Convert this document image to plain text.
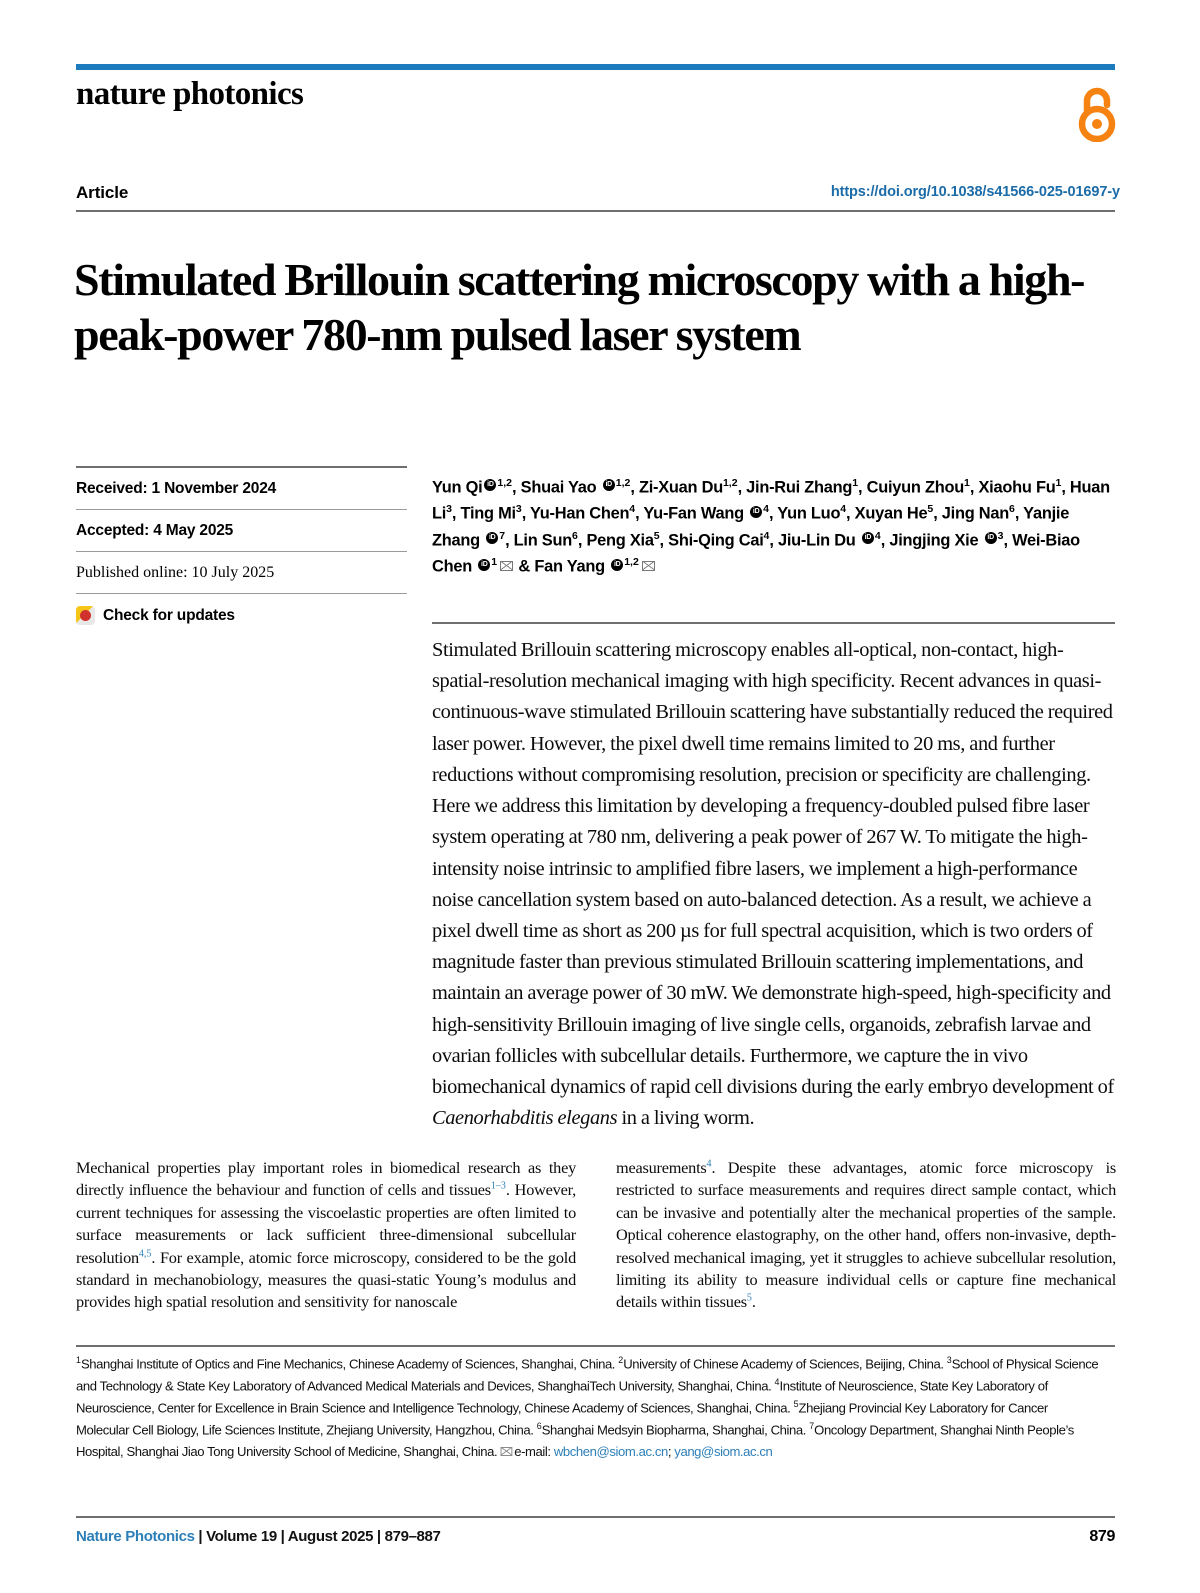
nature photonics
Article	https://doi.org/10.1038/s41566-025-01697-y
Stimulated Brillouin scattering microscopy with a high-peak-power 780-nm pulsed laser system
Received: 1 November 2024
Accepted: 4 May 2025
Published online: 10 July 2025
Check for updates
Yun Qi iD $^{1,2}$, Shuai Yao iD$^{1,2}$, Zi-Xuan Du$^{1,2}$, Jin-Rui Zhang$^1$, Cuiyun Zhou$^1$, Xiaohu Fu$^1$, Huan Li$^3$, Ting Mi$^3$, Yu-Han Chen$^4$, Yu-Fan Wang $iD^4$, Yun Luo$^4$, Xuyan He$^5$, Jing Nan$^6$, Yanjie Zhang $iD^7$, Lin Sun$^6$, Peng Xia$^5$, Shi-Qing Cai$^4$, Jiu-Lin Du $iD^4$, Jingjing Xie $iD^3$, Wei-Biao Chen $iD^1$ & Fan Yang iD$^{1,2}$
Stimulated Brillouin scattering microscopy enables all-optical, non-contact, high-spatial-resolution mechanical imaging with high specificity. Recent advances in quasi-continuous-wave stimulated Brillouin scattering have substantially reduced the required laser power. However, the pixel dwell time remains limited to 20 ms, and further reductions without compromising resolution, precision or specificity are challenging. Here we address this limitation by developing a frequency-doubled pulsed fibre laser system operating at 780 nm, delivering a peak power of 267 W. To mitigate the high-intensity noise intrinsic to amplified fibre lasers, we implement a high-performance noise cancellation system based on auto-balanced detection. As a result, we achieve a pixel dwell time as short as 200 µs for full spectral acquisition, which is two orders of magnitude faster than previous stimulated Brillouin scattering implementations, and maintain an average power of 30 mW. We demonstrate high-speed, high-specificity and high-sensitivity Brillouin imaging of live single cells, organoids, zebrafish larvae and ovarian follicles with subcellular details. Furthermore, we capture the in vivo biomechanical dynamics of rapid cell divisions during the early embryo development of Caenorhabditis elegans in a living worm.
Mechanical properties play important roles in biomedical research as they directly influence the behaviour and function of cells and tissues$^{1-3}$. However, current techniques for assessing the viscoelastic properties are often limited to surface measurements or lack sufficient three-dimensional subcellular resolution$^{4,5}$. For example, atomic force microscopy, considered to be the gold standard in mechanobiology, measures the quasi-static Young’s modulus and provides high spatial resolution and sensitivity for nanoscale
measurements$^4$. Despite these advantages, atomic force microscopy is restricted to surface measurements and requires direct sample contact, which can be invasive and potentially alter the mechanical properties of the sample. Optical coherence elastography, on the other hand, offers non-invasive, depth-resolved mechanical imaging, yet it struggles to achieve subcellular resolution, limiting its ability to measure individual cells or capture fine mechanical details within tissues$^5$.
$^1$Shanghai Institute of Optics and Fine Mechanics, Chinese Academy of Sciences, Shanghai, China. $^2$University of Chinese Academy of Sciences, Beijing, China. $^3$School of Physical Science and Technology & State Key Laboratory of Advanced Medical Materials and Devices, ShanghaiTech University, Shanghai, China. $^4$Institute of Neuroscience, State Key Laboratory of Neuroscience, Center for Excellence in Brain Science and Intelligence Technology, Chinese Academy of Sciences, Shanghai, China. $^5$Zhejiang Provincial Key Laboratory for Cancer Molecular Cell Biology, Life Sciences Institute, Zhejiang University, Hangzhou, China. $^6$Shanghai Medsyin Biopharma, Shanghai, China. $^7$Oncology Department, Shanghai Ninth People’s Hospital, Shanghai Jiao Tong University School of Medicine, Shanghai, China. e-mail: wbchen@siom.ac.cn; yang@siom.ac.cn
Nature Photonics | Volume 19 | August 2025 | 879–887	879
